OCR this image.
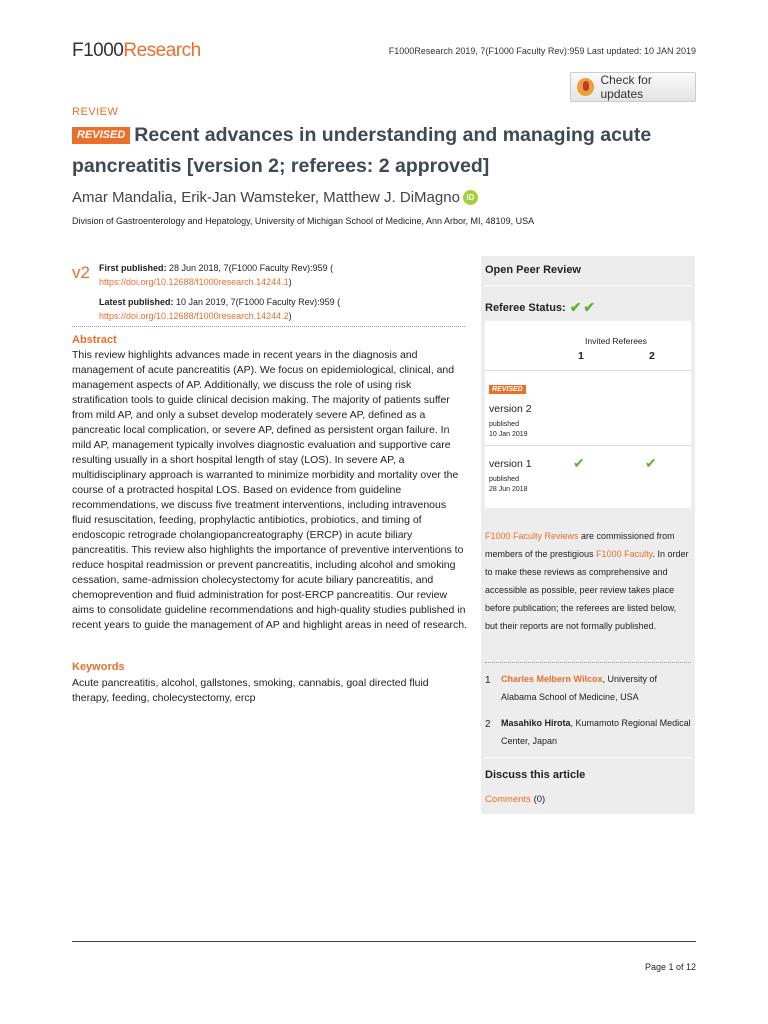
F1000Research	F1000Research 2019, 7(F1000 Faculty Rev):959 Last updated: 10 JAN 2019
Check for updates
REVIEW
REVISED Recent advances in understanding and managing acute pancreatitis [version 2; referees: 2 approved]
Amar Mandalia, Erik-Jan Wamsteker, Matthew J. DiMagno iD
Division of Gastroenterology and Hepatology, University of Michigan School of Medicine, Ann Arbor, MI, 48109, USA
v2 First published: 28 Jun 2018, 7(F1000 Faculty Rev):959 (
https://doi.org/10.12688/f1000research.14244.1)
Latest published: 10 Jan 2019, 7(F1000 Faculty Rev):959 (
https://doi.org/10.12688/f1000research.14244.2)
Abstract
This review highlights advances made in recent years in the diagnosis and management of acute pancreatitis (AP). We focus on epidemiological, clinical, and management aspects of AP. Additionally, we discuss the role of using risk stratification tools to guide clinical decision making. The majority of patients suffer from mild AP, and only a subset develop moderately severe AP, defined as a pancreatic local complication, or severe AP, defined as persistent organ failure. In mild AP, management typically involves diagnostic evaluation and supportive care resulting usually in a short hospital length of stay (LOS). In severe AP, a multidisciplinary approach is warranted to minimize morbidity and mortality over the course of a protracted hospital LOS. Based on evidence from guideline recommendations, we discuss five treatment interventions, including intravenous fluid resuscitation, feeding, prophylactic antibiotics, probiotics, and timing of endoscopic retrograde cholangiopancreatography (ERCP) in acute biliary pancreatitis. This review also highlights the importance of preventive interventions to reduce hospital readmission or prevent pancreatitis, including alcohol and smoking cessation, same-admission cholecystectomy for acute biliary pancreatitis, and chemoprevention and fluid administration for post-ERCP pancreatitis. Our review aims to consolidate guideline recommendations and high-quality studies published in recent years to guide the management of AP and highlight areas in need of research.
Keywords
Acute pancreatitis, alcohol, gallstones, smoking, cannabis, goal directed fluid therapy, feeding, cholecystectomy, ercp
Open Peer Review
Referee Status: ✔✔
Invited Referees
1	2
REVISED
version 2
published
10 Jan 2019
version 1	✔	✔
published
28 Jun 2018
F1000 Faculty Reviews are commissioned from members of the prestigious F1000 Faculty. In order to make these reviews as comprehensive and accessible as possible, peer review takes place before publication; the referees are listed below, but their reports are not formally published.
1 Charles Melbern Wilcox, University of Alabama School of Medicine, USA
2 Masahiko Hirota, Kumamoto Regional Medical Center, Japan
Discuss this article
Comments (0)
Page 1 of 12
